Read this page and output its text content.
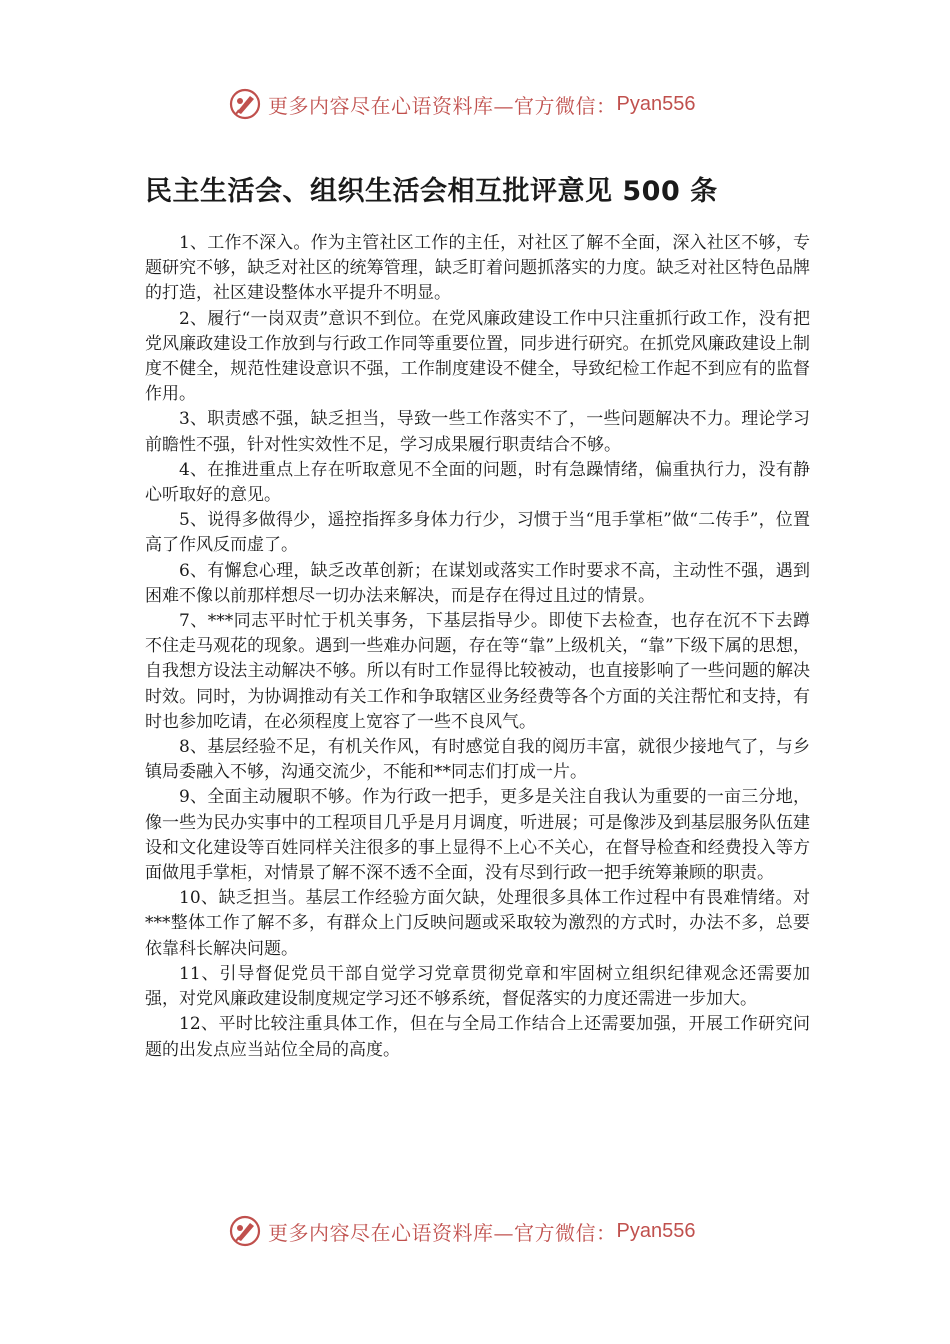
更多内容尽在心语资料库—官方微信： Pyan556
民主生活会、组织生活会相互批评意见 500 条

1、工作不深入。作为主管社区工作的主任，对社区了解不全面，深入社区不够，专题研究不够，缺乏对社区的统筹管理，缺乏盯着问题抓落实的力度。缺乏对社区特色品牌的打造，社区建设整体水平提升不明显。

2、履行“一岗双责”意识不到位。在党风廉政建设工作中只注重抓行政工作，没有把党风廉政建设工作放到与行政工作同等重要位置，同步进行研究。在抓党风廉政建设上制度不健全，规范性建设意识不强，工作制度建设不健全，导致纪检工作起不到应有的监督作用。

3、职责感不强，缺乏担当，导致一些工作落实不了，一些问题解决不力。理论学习前瞻性不强，针对性实效性不足，学习成果履行职责结合不够。

4、在推进重点上存在听取意见不全面的问题，时有急躁情绪，偏重执行力，没有静心听取好的意见。

5、说得多做得少，遥控指挥多身体力行少，习惯于当“甩手掌柜”做“二传手”，位置高了作风反而虚了。

6、有懈怠心理，缺乏改革创新；在谋划或落实工作时要求不高，主动性不强，遇到困难不像以前那样想尽一切办法来解决，而是存在得过且过的情景。

7、***同志平时忙于机关事务，下基层指导少。即使下去检查，也存在沉不下去蹲不住走马观花的现象。遇到一些难办问题，存在等“靠”上级机关，“靠”下级下属的思想，自我想方设法主动解决不够。所以有时工作显得比较被动，也直接影响了一些问题的解决时效。同时，为协调推动有关工作和争取辖区业务经费等各个方面的关注帮忙和支持，有时也参加吃请，在必须程度上宽容了一些不良风气。

8、基层经验不足，有机关作风，有时感觉自我的阅历丰富，就很少接地气了，与乡镇局委融入不够，沟通交流少，不能和**同志们打成一片。

9、全面主动履职不够。作为行政一把手，更多是关注自我认为重要的一亩三分地，像一些为民办实事中的工程项目几乎是月月调度，听进展；可是像涉及到基层服务队伍建设和文化建设等百姓同样关注很多的事上显得不上心不关心，在督导检查和经费投入等方面做甩手掌柜，对情景了解不深不透不全面，没有尽到行政一把手统筹兼顾的职责。

10、缺乏担当。基层工作经验方面欠缺，处理很多具体工作过程中有畏难情绪。对***整体工作了解不多，有群众上门反映问题或采取较为激烈的方式时，办法不多，总要依靠科长解决问题。

11、引导督促党员干部自觉学习党章贯彻党章和牢固树立组织纪律观念还需要加强，对党风廉政建设制度规定学习还不够系统，督促落实的力度还需进一步加大。

12、平时比较注重具体工作，但在与全局工作结合上还需要加强，开展工作研究问题的出发点应当站位全局的高度。

更多内容尽在心语资料库—官方微信： Pyan556
